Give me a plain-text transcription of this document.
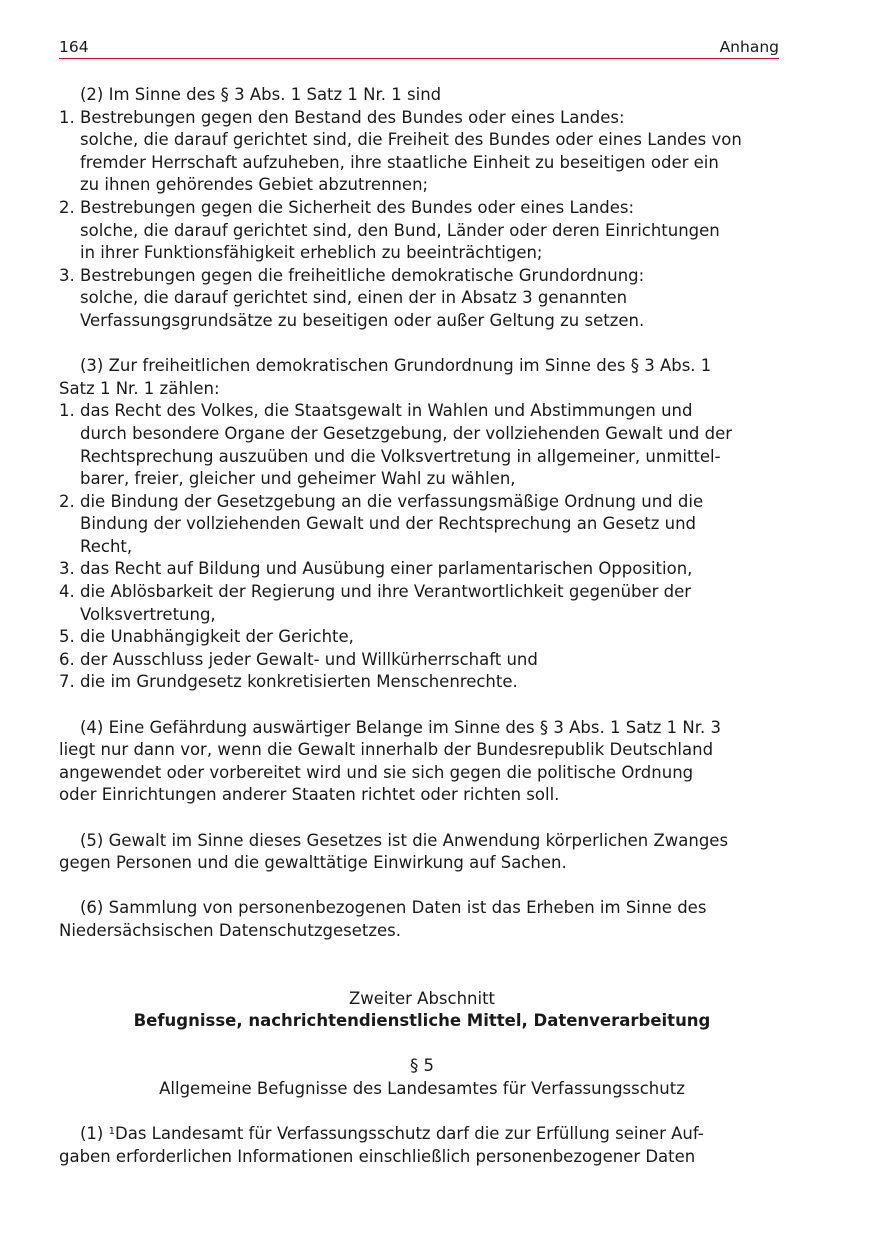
164	Anhang

(2) Im Sinne des § 3 Abs. 1 Satz 1 Nr. 1 sind

1. Bestrebungen gegen den Bestand des Bundes oder eines Landes:
solche, die darauf gerichtet sind, die Freiheit des Bundes oder eines Landes von
fremder Herrschaft aufzuheben, ihre staatliche Einheit zu beseitigen oder ein
zu ihnen gehörendes Gebiet abzutrennen;
2. Bestrebungen gegen die Sicherheit des Bundes oder eines Landes:
solche, die darauf gerichtet sind, den Bund, Länder oder deren Einrichtungen
in ihrer Funktionsfähigkeit erheblich zu beeinträchtigen;
3. Bestrebungen gegen die freiheitliche demokratische Grundordnung:
solche, die darauf gerichtet sind, einen der in Absatz 3 genannten
Verfassungsgrundsätze zu beseitigen oder außer Geltung zu setzen.

(3) Zur freiheitlichen demokratischen Grundordnung im Sinne des § 3 Abs. 1

Satz 1 Nr. 1 zählen:

1. das Recht des Volkes, die Staatsgewalt in Wahlen und Abstimmungen und
durch besondere Organe der Gesetzgebung, der vollziehenden Gewalt und der
Rechtsprechung auszuüben und die Volksvertretung in allgemeiner, unmittel-
barer, freier, gleicher und geheimer Wahl zu wählen,
2. die Bindung der Gesetzgebung an die verfassungsmäßige Ordnung und die
Bindung der vollziehenden Gewalt und der Rechtsprechung an Gesetz und
Recht,
3. das Recht auf Bildung und Ausübung einer parlamentarischen Opposition,
4. die Ablösbarkeit der Regierung und ihre Verantwortlichkeit gegenüber der
Volksvertretung,
5. die Unabhängigkeit der Gerichte,
6. der Ausschluss jeder Gewalt- und Willkürherrschaft und
7. die im Grundgesetz konkretisierten Menschenrechte.

(4) Eine Gefährdung auswärtiger Belange im Sinne des § 3 Abs. 1 Satz 1 Nr. 3

liegt nur dann vor, wenn die Gewalt innerhalb der Bundesrepublik Deutschland

angewendet oder vorbereitet wird und sie sich gegen die politische Ordnung

oder Einrichtungen anderer Staaten richtet oder richten soll.

(5) Gewalt im Sinne dieses Gesetzes ist die Anwendung körperlichen Zwanges

gegen Personen und die gewalttätige Einwirkung auf Sachen.

(6) Sammlung von personenbezogenen Daten ist das Erheben im Sinne des

Niedersächsischen Datenschutzgesetzes.

Zweiter Abschnitt

Befugnisse, nachrichtendienstliche Mittel, Datenverarbeitung

§ 5

Allgemeine Befugnisse des Landesamtes für Verfassungsschutz

(1) $^1$Das Landesamt für Verfassungsschutz darf die zur Erfüllung seiner Auf-

gaben erforderlichen Informationen einschließlich personenbezogener Daten
